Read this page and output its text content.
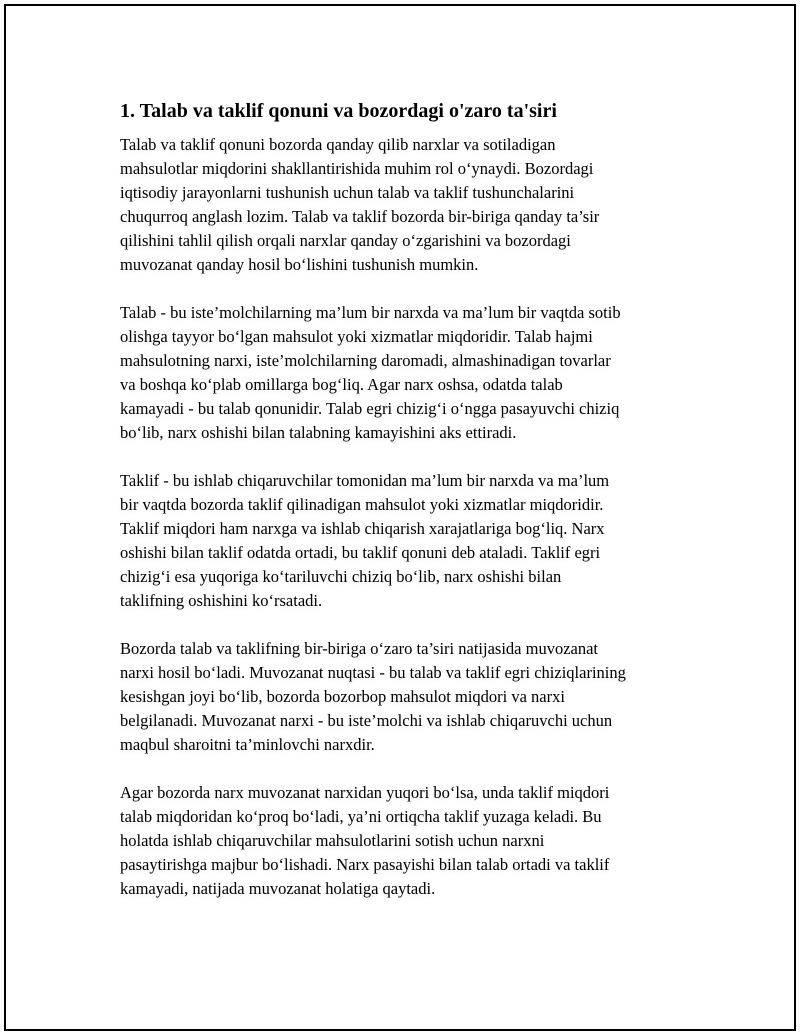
1. Talab va taklif qonuni va bozordagi o'zaro ta'siri

Talab va taklif qonuni bozorda qanday qilib narxlar va sotiladigan
mahsulotlar miqdorini shakllantirishida muhim rol o‘ynaydi. Bozordagi
iqtisodiy jarayonlarni tushunish uchun talab va taklif tushunchalarini
chuqurroq anglash lozim. Talab va taklif bozorda bir-biriga qanday ta’sir
qilishini tahlil qilish orqali narxlar qanday o‘zgarishini va bozordagi
muvozanat qanday hosil bo‘lishini tushunish mumkin.

Talab - bu iste’molchilarning ma’lum bir narxda va ma’lum bir vaqtda sotib
olishga tayyor bo‘lgan mahsulot yoki xizmatlar miqdoridir. Talab hajmi
mahsulotning narxi, iste’molchilarning daromadi, almashinadigan tovarlar
va boshqa ko‘plab omillarga bog‘liq. Agar narx oshsa, odatda talab
kamayadi - bu talab qonunidir. Talab egri chizig‘i o‘ngga pasayuvchi chiziq
bo‘lib, narx oshishi bilan talabning kamayishini aks ettiradi.

Taklif - bu ishlab chiqaruvchilar tomonidan ma’lum bir narxda va ma’lum
bir vaqtda bozorda taklif qilinadigan mahsulot yoki xizmatlar miqdoridir.
Taklif miqdori ham narxga va ishlab chiqarish xarajatlariga bog‘liq. Narx
oshishi bilan taklif odatda ortadi, bu taklif qonuni deb ataladi. Taklif egri
chizig‘i esa yuqoriga ko‘tariluvchi chiziq bo‘lib, narx oshishi bilan
taklifning oshishini ko‘rsatadi.

Bozorda talab va taklifning bir-biriga o‘zaro ta’siri natijasida muvozanat
narxi hosil bo‘ladi. Muvozanat nuqtasi - bu talab va taklif egri chiziqlarining
kesishgan joyi bo‘lib, bozorda bozorbop mahsulot miqdori va narxi
belgilanadi. Muvozanat narxi - bu iste’molchi va ishlab chiqaruvchi uchun
maqbul sharoitni ta’minlovchi narxdir.

Agar bozorda narx muvozanat narxidan yuqori bo‘lsa, unda taklif miqdori
talab miqdoridan ko‘proq bo‘ladi, ya’ni ortiqcha taklif yuzaga keladi. Bu
holatda ishlab chiqaruvchilar mahsulotlarini sotish uchun narxni
pasaytirishga majbur bo‘lishadi. Narx pasayishi bilan talab ortadi va taklif
kamayadi, natijada muvozanat holatiga qaytadi.
